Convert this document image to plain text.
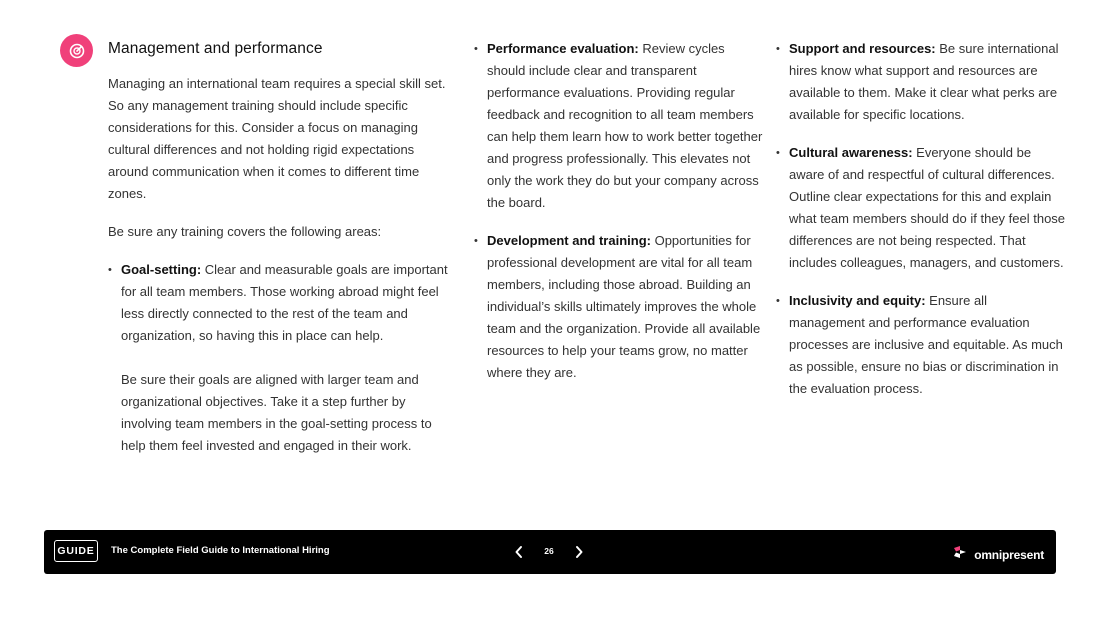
Management and performance

Managing an international team requires a special skill set. So any management training should include specific considerations for this. Consider a focus on managing cultural differences and not holding rigid expectations around communication when it comes to different time zones.

Be sure any training covers the following areas:

• Goal-setting: Clear and measurable goals are important for all team members. Those working abroad might feel less directly connected to the rest of the team and organization, so having this in place can help.
Be sure their goals are aligned with larger team and organizational objectives. Take it a step further by involving team members in the goal-setting process to help them feel invested and engaged in their work.
• Performance evaluation: Review cycles should include clear and transparent performance evaluations. Providing regular feedback and recognition to all team members can help them learn how to work better together and progress professionally. This elevates not only the work they do but your company across the board.
• Development and training: Opportunities for professional development are vital for all team members, including those abroad. Building an individual’s skills ultimately improves the whole team and the organization. Provide all available resources to help your teams grow, no matter where they are.
• Support and resources: Be sure international hires know what support and resources are available to them. Make it clear what perks are available for specific locations.
• Cultural awareness: Everyone should be aware of and respectful of cultural differences. Outline clear expectations for this and explain what team members should do if they feel those differences are not being respected. That includes colleagues, managers, and customers.
• Inclusivity and equity: Ensure all management and performance evaluation processes are inclusive and equitable. As much as possible, ensure no bias or discrimination in the evaluation process.
GUIDE	The Complete Field Guide to International Hiring	26	omnipresent
